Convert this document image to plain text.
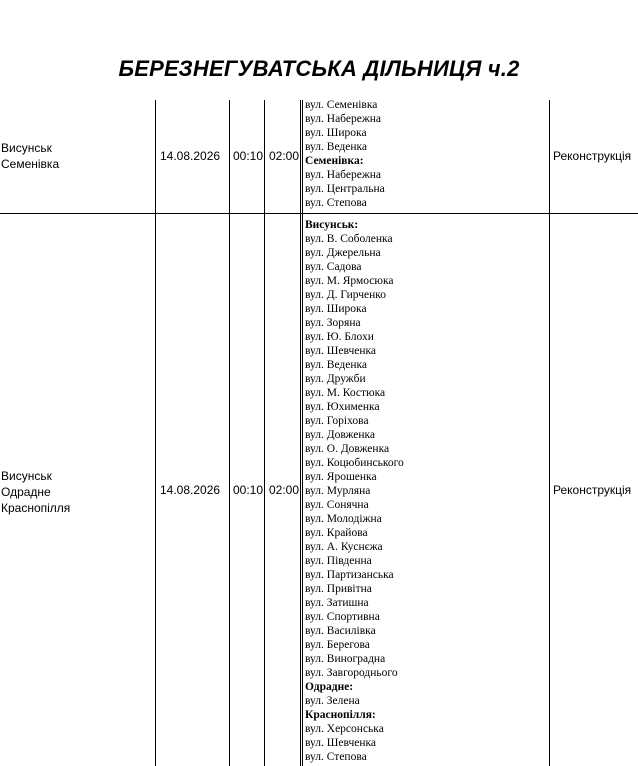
БЕРЕЗНЕГУВАТСЬКА ДІЛЬНИЦЯ ч.2
Висунськ
Семенівка
14.08.2026 00:10 02:00
вул. Семенівка
вул. Набережна
вул. Широка
вул. Веденка
Семенівка:
вул. Набережна
вул. Центральна
вул. Степова
Реконструкція
Висунськ
Одрадне
Краснопілля
14.08.2026 00:10 02:00
Висунськ:
вул. В. Соболенка
вул. Джерельна
вул. Садова
вул. М. Ярмосюка
вул. Д. Гирченко
вул. Широка
вул. Зоряна
вул. Ю. Блохи
вул. Шевченка
вул. Веденка
вул. Дружби
вул. М. Костюка
вул. Юхименка
вул. Горіхова
вул. Довженка
вул. О. Довженка
вул. Коцюбинського
вул. Ярошенка
вул. Мурляна
вул. Сонячна
вул. Молодіжна
вул. Крайова
вул. А. Куснєжа
вул. Південна
вул. Партизанська
вул. Привітна
вул. Затишна
вул. Спортивна
вул. Василівка
вул. Берегова
вул. Виноградна
вул. Завгороднього
Одрадне:
вул. Зелена
Краснопілля:
вул. Херсонська
вул. Шевченка
вул. Степова
Реконструкція
